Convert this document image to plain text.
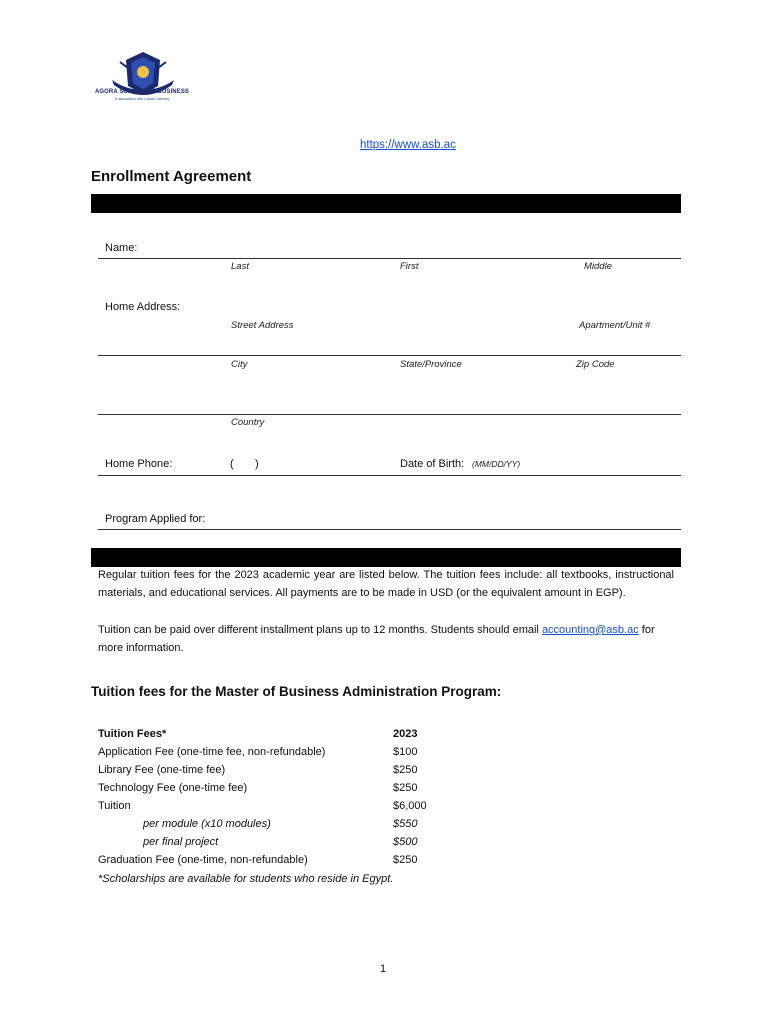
AGORA SCHOOL OF BUSINESS
in association with Lokahi Gateway
https://www.asb.ac
Enrollment Agreement
Name:
Last	First	Middle
Home Address:
Street Address	Apartment/Unit #
City	State/Province	Zip Code
Country
Home Phone:	(       )	Date of Birth: (MM/DD/YY)
Program Applied for:
Regular tuition fees for the 2023 academic year are listed below. The tuition fees include: all textbooks, instructional materials, and educational services. All payments are to be made in USD (or the equivalent amount in EGP).
Tuition can be paid over different installment plans up to 12 months. Students should email accounting@asb.ac for more information.
Tuition fees for the Master of Business Administration Program:
Tuition Fees*	2023
Application Fee (one-time fee, non-refundable)	$100
Library Fee (one-time fee)	$250
Technology Fee (one-time fee)	$250
Tuition	$6,000
per module (x10 modules)	$550
per final project	$500
Graduation Fee (one-time, non-refundable)	$250
*Scholarships are available for students who reside in Egypt.
1
